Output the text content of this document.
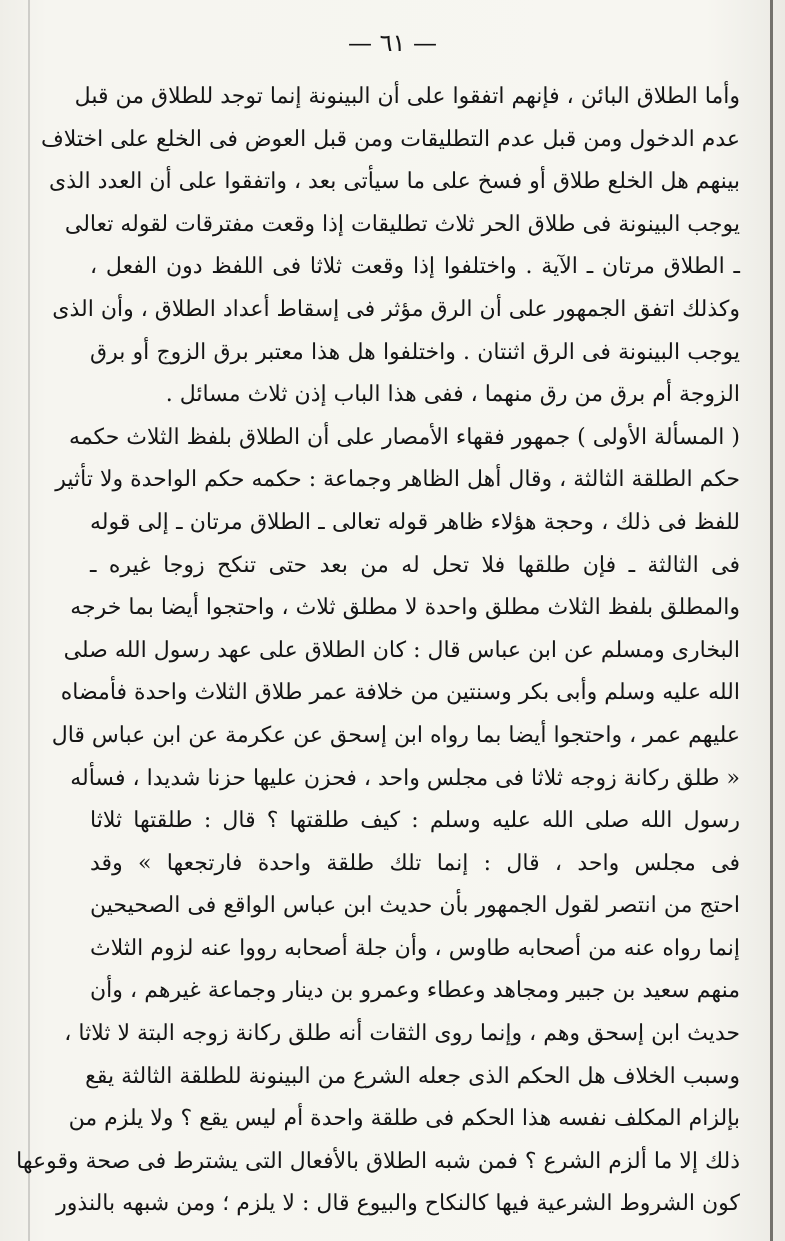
— ٦١ —
وأما الطلاق البائن ، فإنهم اتفقوا على أن البينونة إنما توجد للطلاق من قبل
عدم الدخول ومن قبل عدم التطليقات ومن قبل العوض فى الخلع على اختلاف
بينهم هل الخلع طلاق أو فسخ على ما سيأتى بعد ، واتفقوا على أن العدد الذى
يوجب البينونة فى طلاق الحر ثلاث تطليقات إذا وقعت مفترقات لقوله تعالى
ـ الطلاق مرتان ـ الآية . واختلفوا إذا وقعت ثلاثا فى اللفظ دون الفعل ،
وكذلك اتفق الجمهور على أن الرق مؤثر فى إسقاط أعداد الطلاق ، وأن الذى
يوجب البينونة فى الرق اثنتان . واختلفوا هل هذا معتبر برق الزوج أو برق
الزوجة أم برق من رق منهما ، ففى هذا الباب إذن ثلاث مسائل .
( المسألة الأولى ) جمهور فقهاء الأمصار على أن الطلاق بلفظ الثلاث حكمه
حكم الطلقة الثالثة ، وقال أهل الظاهر وجماعة : حكمه حكم الواحدة ولا تأثير
للفظ فى ذلك ، وحجة هؤلاء ظاهر قوله تعالى ـ الطلاق مرتان ـ إلى قوله
فى الثالثة ـ فإن طلقها فلا تحل له من بعد حتى تنكح زوجا غيره ـ
والمطلق بلفظ الثلاث مطلق واحدة لا مطلق ثلاث ، واحتجوا أيضا بما خرجه
البخارى ومسلم عن ابن عباس قال : كان الطلاق على عهد رسول الله صلى
الله عليه وسلم وأبى بكر وسنتين من خلافة عمر طلاق الثلاث واحدة فأمضاه
عليهم عمر ، واحتجوا أيضا بما رواه ابن إسحق عن عكرمة عن ابن عباس قال
« طلق ركانة زوجه ثلاثا فى مجلس واحد ، فحزن عليها حزنا شديدا ، فسأله
رسول الله صلى الله عليه وسلم : كيف طلقتها ؟ قال : طلقتها ثلاثا
فى مجلس واحد ، قال : إنما تلك طلقة واحدة فارتجعها » وقد
احتج من انتصر لقول الجمهور بأن حديث ابن عباس الواقع فى الصحيحين
إنما رواه عنه من أصحابه طاوس ، وأن جلة أصحابه رووا عنه لزوم الثلاث
منهم سعيد بن جبير ومجاهد وعطاء وعمرو بن دينار وجماعة غيرهم ، وأن
حديث ابن إسحق وهم ، وإنما روى الثقات أنه طلق ركانة زوجه البتة لا ثلاثا ،
وسبب الخلاف هل الحكم الذى جعله الشرع من البينونة للطلقة الثالثة يقع
بإلزام المكلف نفسه هذا الحكم فى طلقة واحدة أم ليس يقع ؟ ولا يلزم من
ذلك إلا ما ألزم الشرع ؟ فمن شبه الطلاق بالأفعال التى يشترط فى صحة وقوعها
كون الشروط الشرعية فيها كالنكاح والبيوع قال : لا يلزم ؛ ومن شبهه بالنذور
